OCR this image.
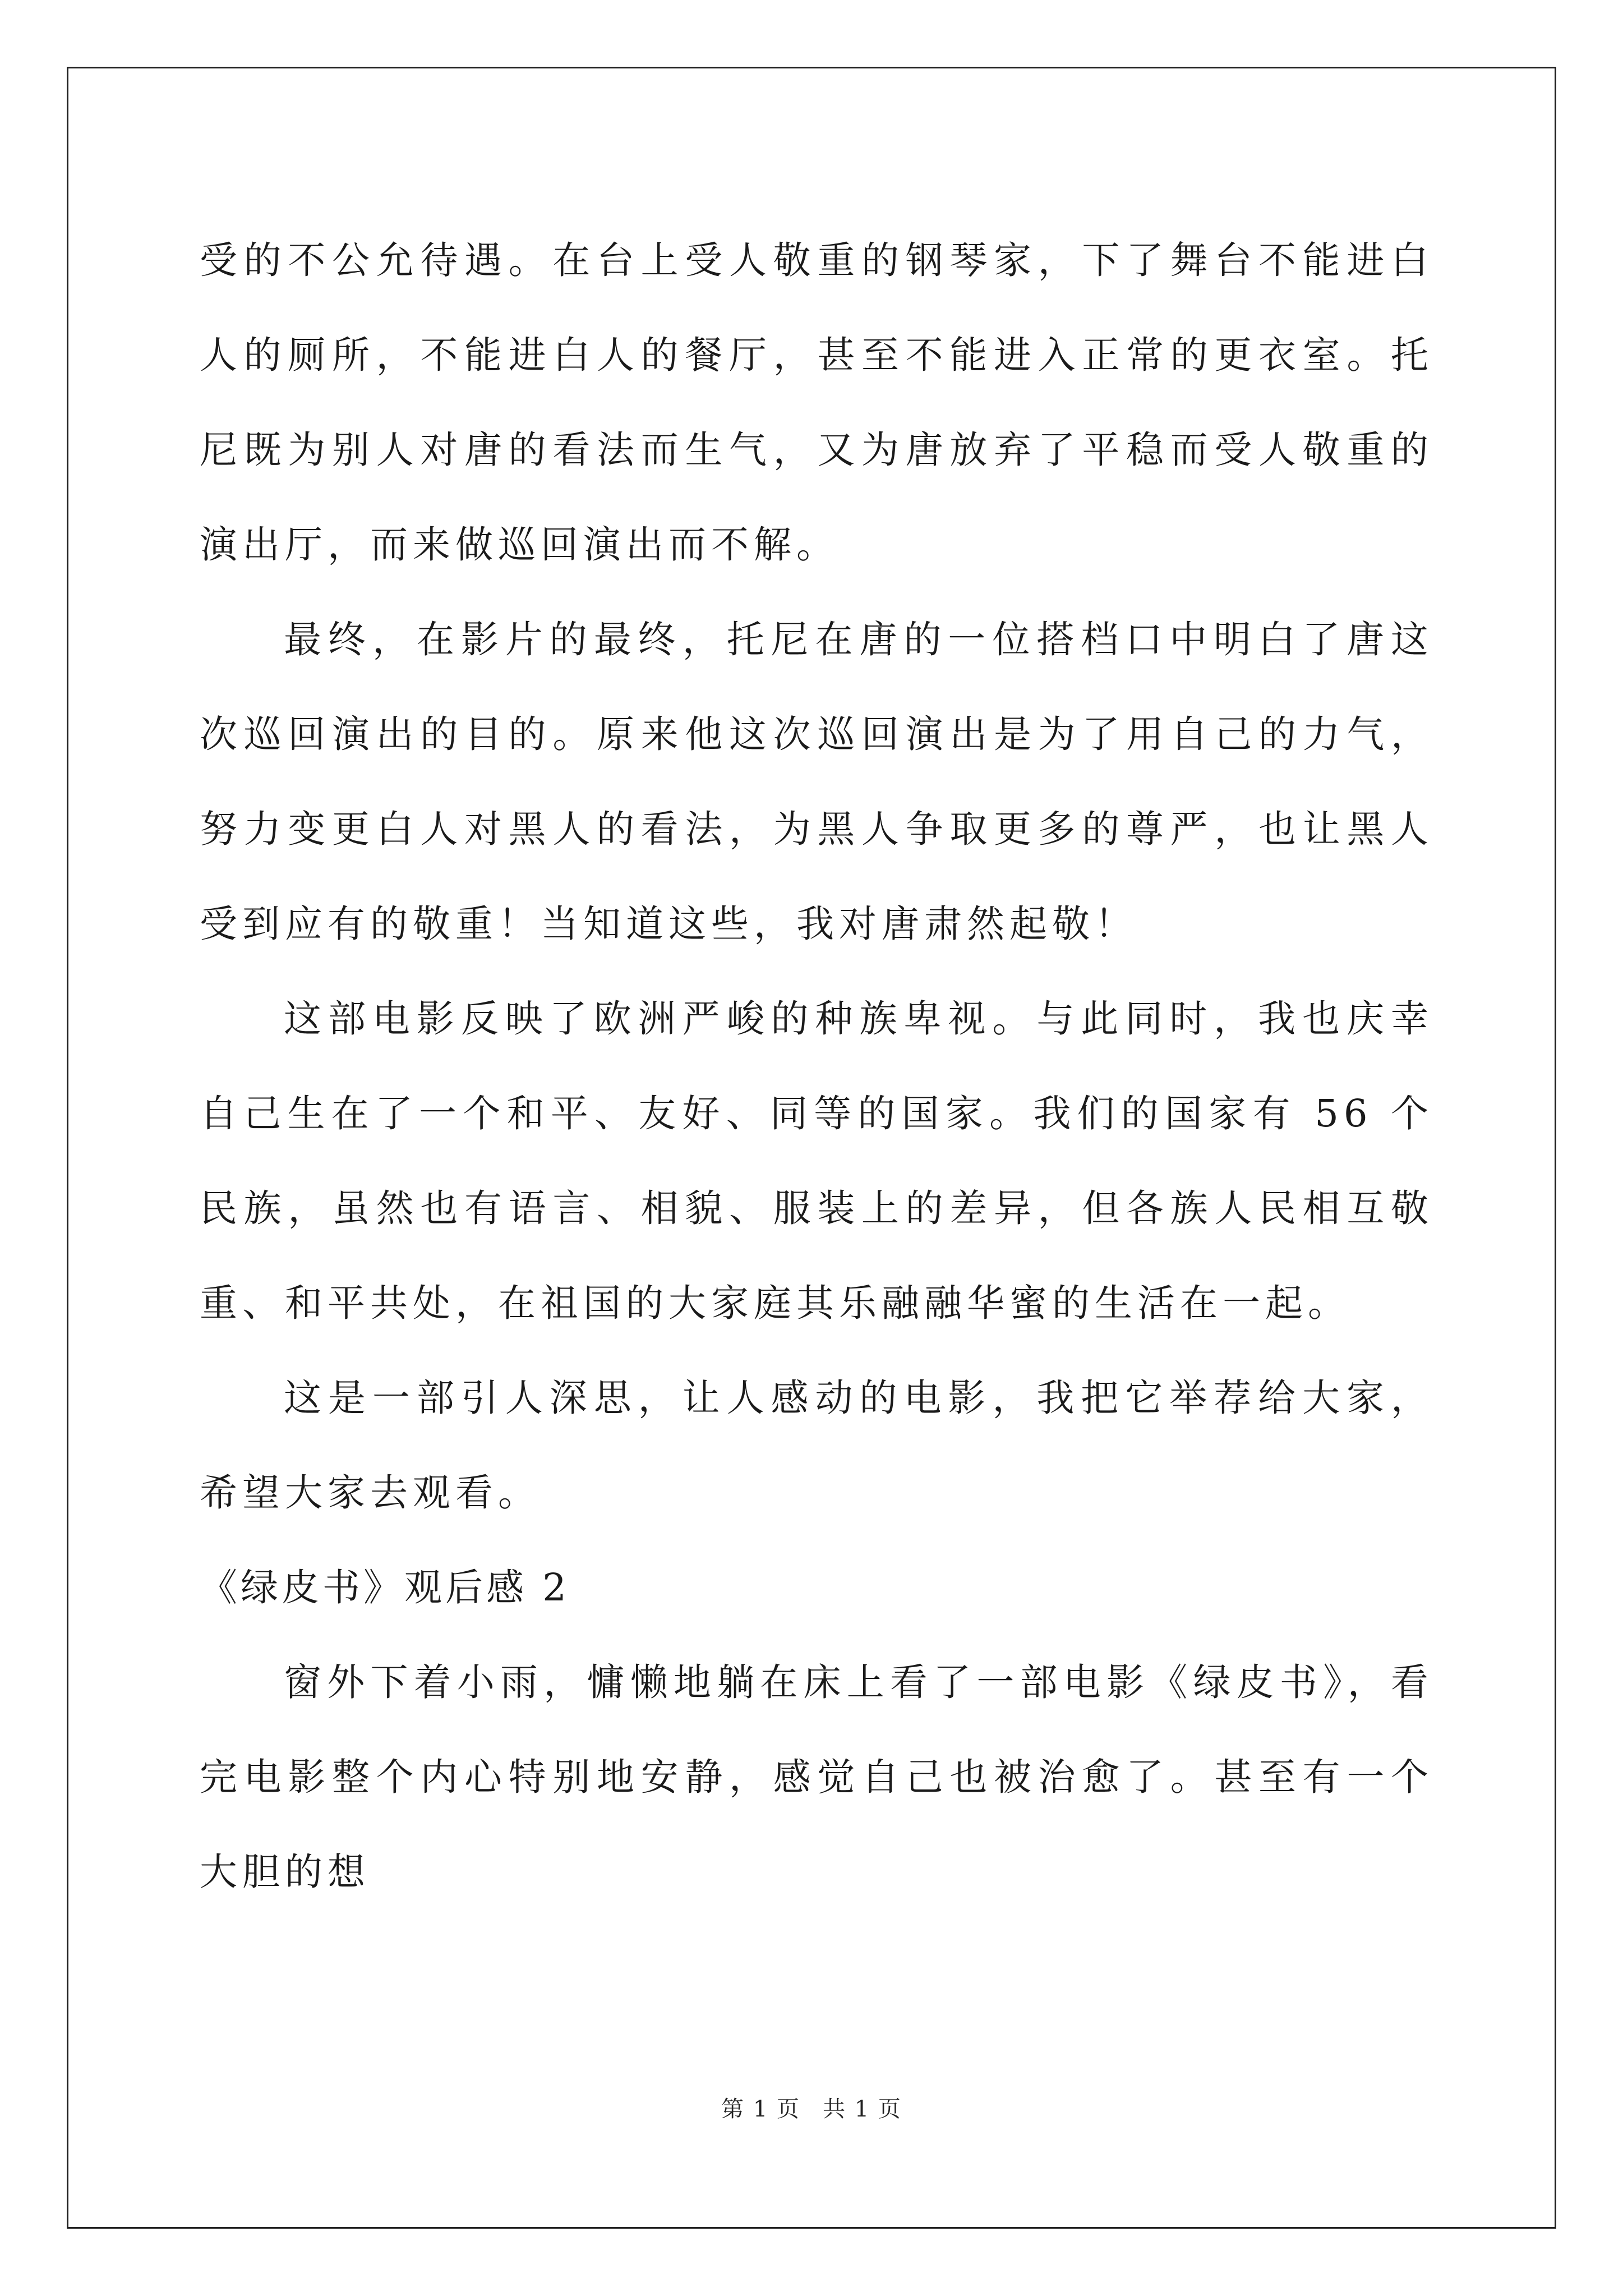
受的不公允待遇。在台上受人敬重的钢琴家，下了舞台不能进白人的厕所，不能进白人的餐厅，甚至不能进入正常的更衣室。托尼既为别人对唐的看法而生气，又为唐放弃了平稳而受人敬重的演出厅，而来做巡回演出而不解。

最终，在影片的最终，托尼在唐的一位搭档口中明白了唐这次巡回演出的目的。原来他这次巡回演出是为了用自己的力气，努力变更白人对黑人的看法，为黑人争取更多的尊严，也让黑人受到应有的敬重！当知道这些，我对唐肃然起敬！

这部电影反映了欧洲严峻的种族卑视。与此同时，我也庆幸自己生在了一个和平、友好、同等的国家。我们的国家有 56 个民族，虽然也有语言、相貌、服装上的差异，但各族人民相互敬重、和平共处，在祖国的大家庭其乐融融华蜜的生活在一起。

这是一部引人深思，让人感动的电影，我把它举荐给大家，希望大家去观看。

《绿皮书》观后感 2

窗外下着小雨，慵懒地躺在床上看了一部电影《绿皮书》，看完电影整个内心特别地安静，感觉自己也被治愈了。甚至有一个大胆的想

第 1 页 共 1 页
